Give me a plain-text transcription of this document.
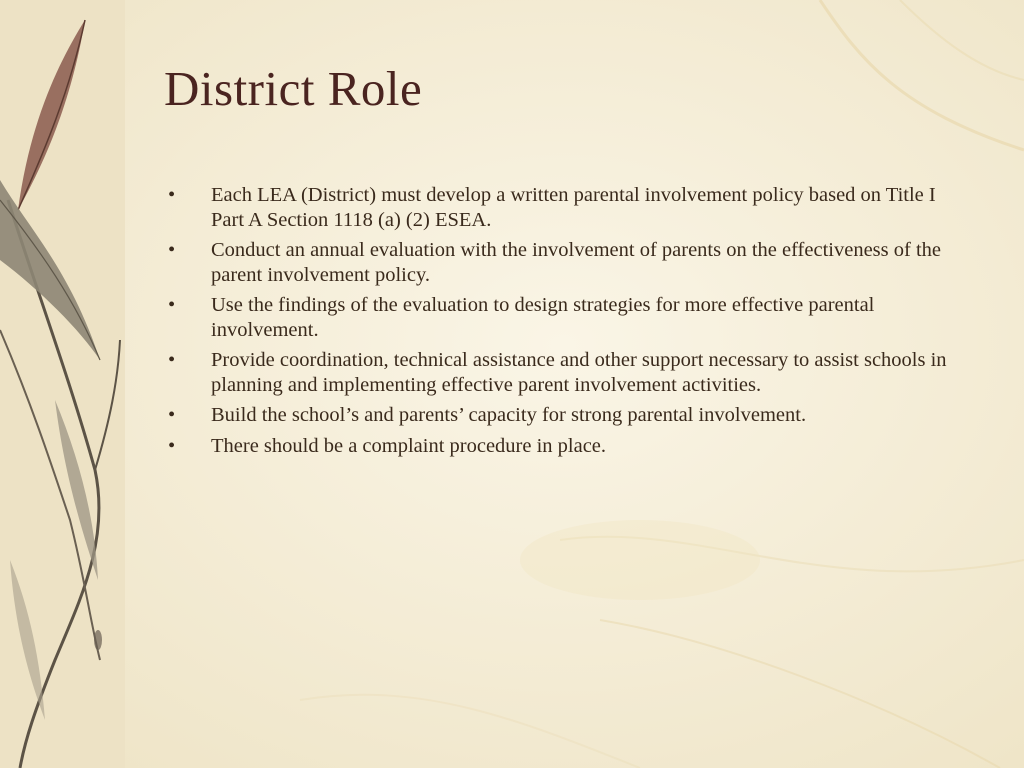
District Role
• Each LEA (District) must develop a written parental involvement policy based on Title I Part A Section 1118 (a) (2) ESEA.
• Conduct an annual evaluation with the involvement of parents on the effectiveness of the parent involvement policy.
• Use the findings of the evaluation to design strategies for more effective parental involvement.
• Provide coordination, technical assistance and other support necessary to assist schools in planning and implementing effective parent involvement activities.
• Build the school’s and parents’ capacity for strong parental involvement.
• There should be a complaint procedure in place.
